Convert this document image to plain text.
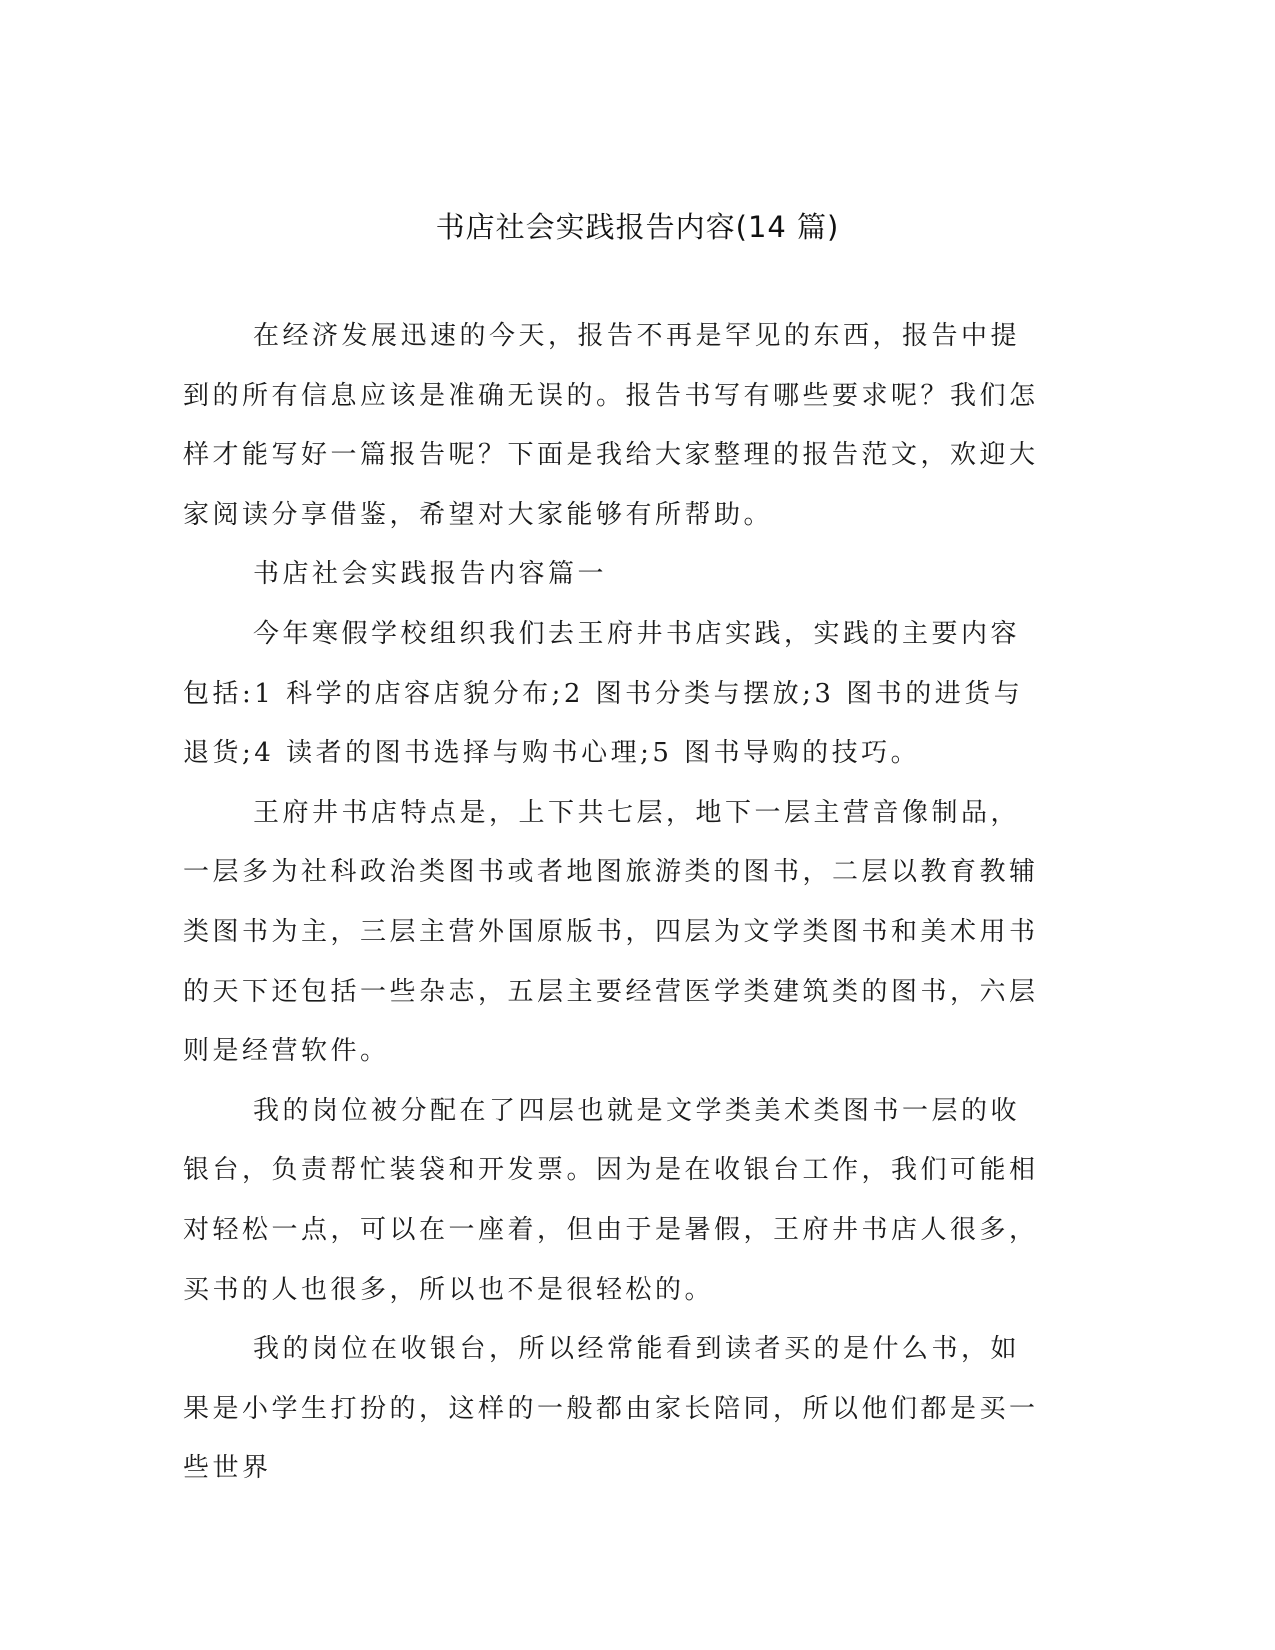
书店社会实践报告内容(14 篇)

在经济发展迅速的今天，报告不再是罕见的东西，报告中提到的所有信息应该是准确无误的。报告书写有哪些要求呢？我们怎样才能写好一篇报告呢？下面是我给大家整理的报告范文，欢迎大家阅读分享借鉴，希望对大家能够有所帮助。

书店社会实践报告内容篇一

今年寒假学校组织我们去王府井书店实践，实践的主要内容包括:1 科学的店容店貌分布;2 图书分类与摆放;3 图书的进货与退货;4 读者的图书选择与购书心理;5 图书导购的技巧。

王府井书店特点是，上下共七层，地下一层主营音像制品，一层多为社科政治类图书或者地图旅游类的图书，二层以教育教辅类图书为主，三层主营外国原版书，四层为文学类图书和美术用书的天下还包括一些杂志，五层主要经营医学类建筑类的图书，六层则是经营软件。

我的岗位被分配在了四层也就是文学类美术类图书一层的收银台，负责帮忙装袋和开发票。因为是在收银台工作，我们可能相对轻松一点，可以在一座着，但由于是暑假，王府井书店人很多，买书的人也很多，所以也不是很轻松的。

我的岗位在收银台，所以经常能看到读者买的是什么书，如果是小学生打扮的，这样的一般都由家长陪同，所以他们都是买一些世界
